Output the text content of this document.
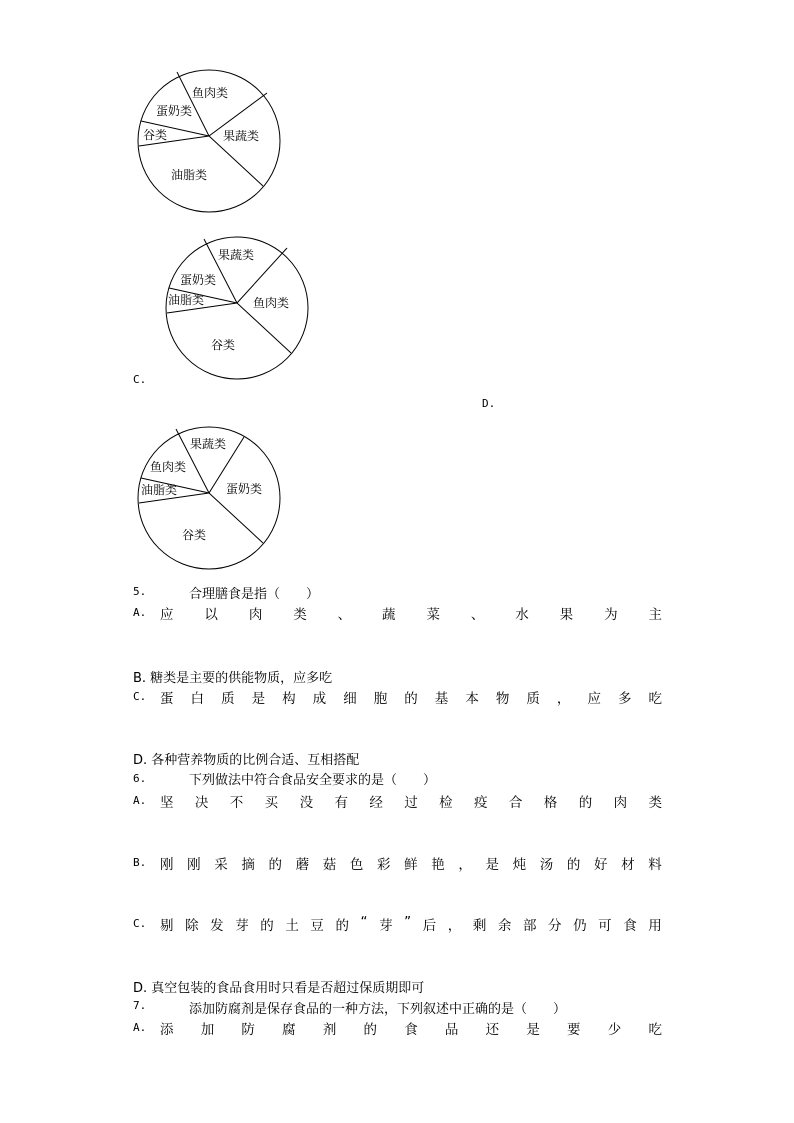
鱼肉类
果蔬类
油脂类
谷类
蛋奶类
果蔬类
鱼肉类
谷类
油脂类
蛋奶类
C.
D.
果蔬类
蛋奶类
谷类
油脂类
鱼肉类
5.	合理膳食是指（　　）
A. 应 以 肉 类 、 蔬 菜 、 水 果 为 主
B. 糖类是主要的供能物质，应多吃
C. 蛋 白 质 是 构 成 细 胞 的 基 本 物 质 ， 应 多 吃
D. 各种营养物质的比例合适、互相搭配
6.	下列做法中符合食品安全要求的是（　　）
A. 坚 决 不 买 没 有 经 过 检 疫 合 格 的 肉 类
B. 刚 刚 采 摘 的 蘑 菇 色 彩 鲜 艳 ， 是 炖 汤 的 好 材 料
C. 剔 除 发 芽 的 土 豆 的 “ 芽 ” 后 ， 剩 余 部 分 仍 可 食 用
D. 真空包装的食品食用时只看是否超过保质期即可
7.	添加防腐剂是保存食品的一种方法，下列叙述中正确的是（　　）
A. 添 加 防 腐 剂 的 食 品 还 是 要 少 吃
